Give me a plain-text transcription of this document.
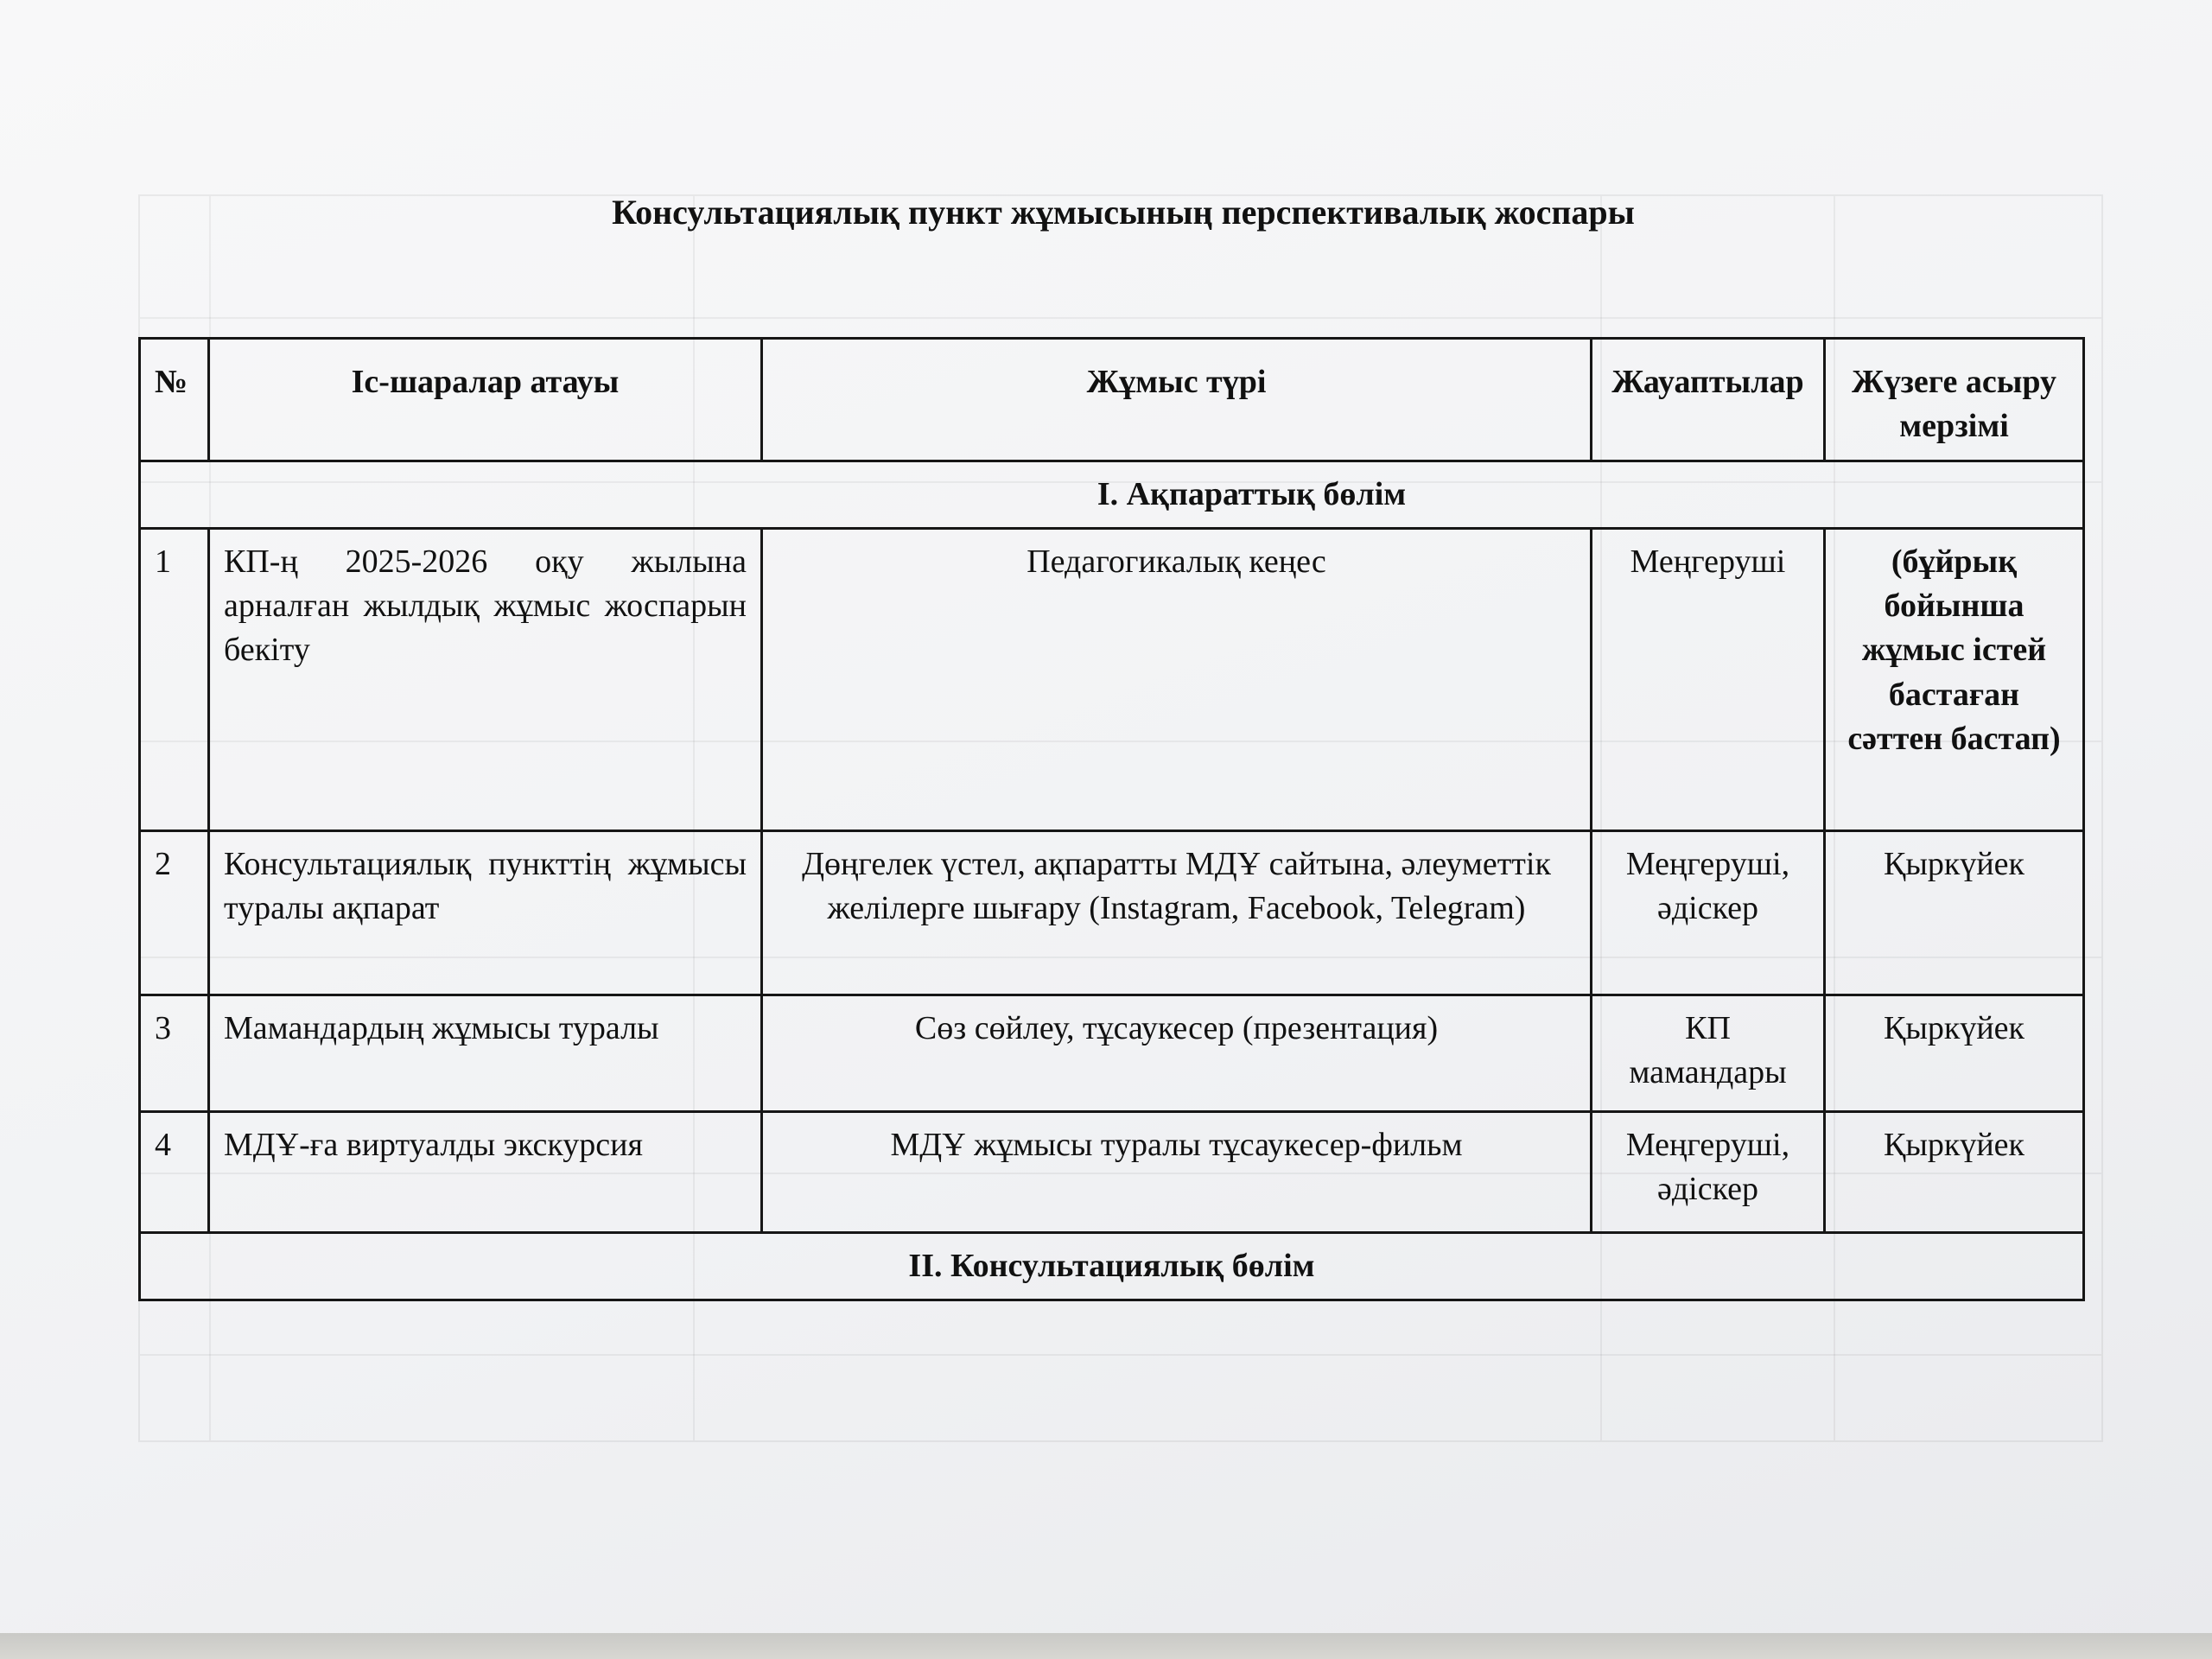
Консультациялық пункт жұмысының перспективалық жоспары
№	Іс-шаралар атауы	Жұмыс түрі	Жауаптылар	Жүзеге асыру мерзімі
I. Ақпараттық бөлім				
1	КП-ң 2025-2026 оқу жылына арналған жылдық жұмыс жоспарын бекіту	Педагогикалық кеңес	Меңгеруші	(бұйрық бойынша жұмыс істей бастаған сәттен бастап)
2	Консультациялық пункттің жұмысы туралы ақпарат	Дөңгелек үстел, ақпаратты МДҰ сайтына, әлеуметтік желілерге шығару (Instagram, Facebook, Telegram)	Меңгеруші, әдіскер	Қыркүйек
3	Мамандардың жұмысы туралы	Сөз сөйлеу, тұсаукесер (презентация)	КП мамандары	Қыркүйек
4	МДҰ-ға виртуалды экскурсия	МДҰ жұмысы туралы тұсаукесер-фильм	Меңгеруші, әдіскер	Қыркүйек
II. Консультациялық бөлім				
